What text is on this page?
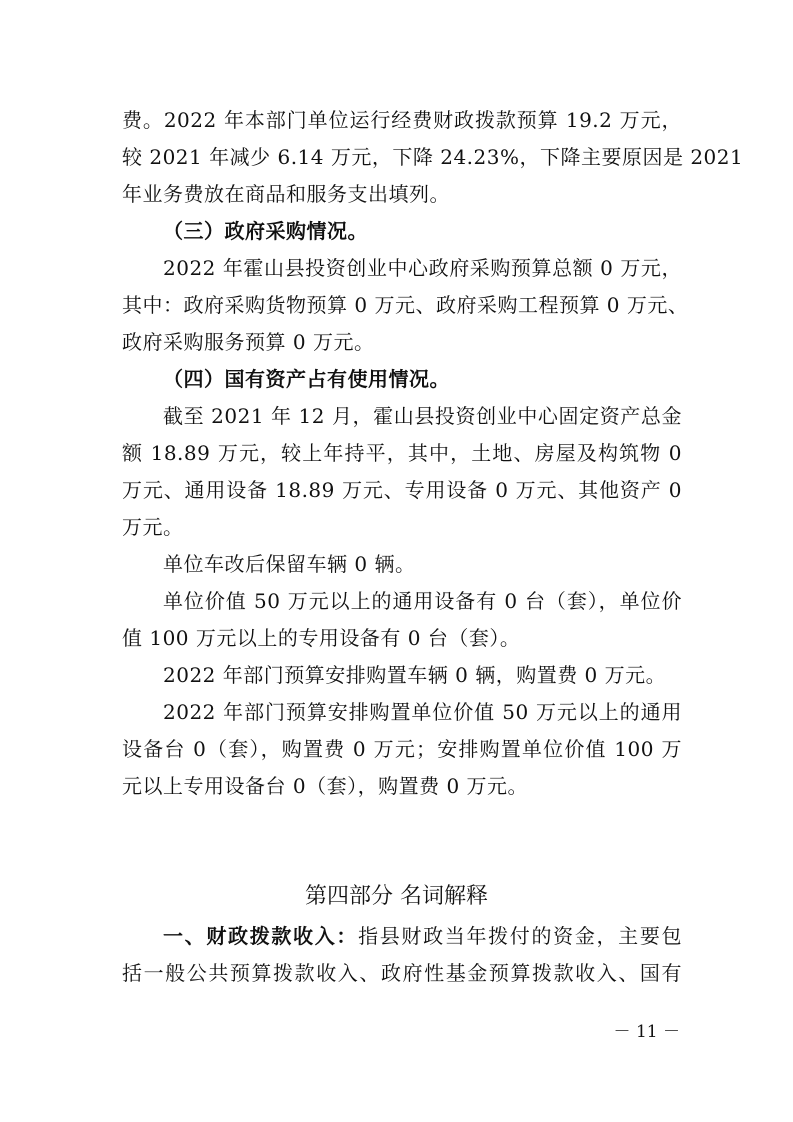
费。2022 年本部门单位运行经费财政拨款预算 19.2 万元，
较 2021 年减少 6.14 万元，下降 24.23%，下降主要原因是 2021
年业务费放在商品和服务支出填列。
（三）政府采购情况。
2022 年霍山县投资创业中心政府采购预算总额 0 万元，
其中：政府采购货物预算 0 万元、政府采购工程预算 0 万元、
政府采购服务预算 0 万元。
（四）国有资产占有使用情况。
截至 2021 年 12 月，霍山县投资创业中心固定资产总金
额 18.89 万元，较上年持平，其中，土地、房屋及构筑物 0
万元、通用设备 18.89 万元、专用设备 0 万元、其他资产 0
万元。
单位车改后保留车辆 0 辆。
单位价值 50 万元以上的通用设备有 0 台（套），单位价
值 100 万元以上的专用设备有 0 台（套）。
2022 年部门预算安排购置车辆 0 辆，购置费 0 万元。
2022 年部门预算安排购置单位价值 50 万元以上的通用
设备台 0（套），购置费 0 万元；安排购置单位价值 100 万
元以上专用设备台 0（套），购置费 0 万元。
第四部分 名词解释
一、财政拨款收入：指县财政当年拨付的资金，主要包
括一般公共预算拨款收入、政府性基金预算拨款收入、国有
－ 11 －
